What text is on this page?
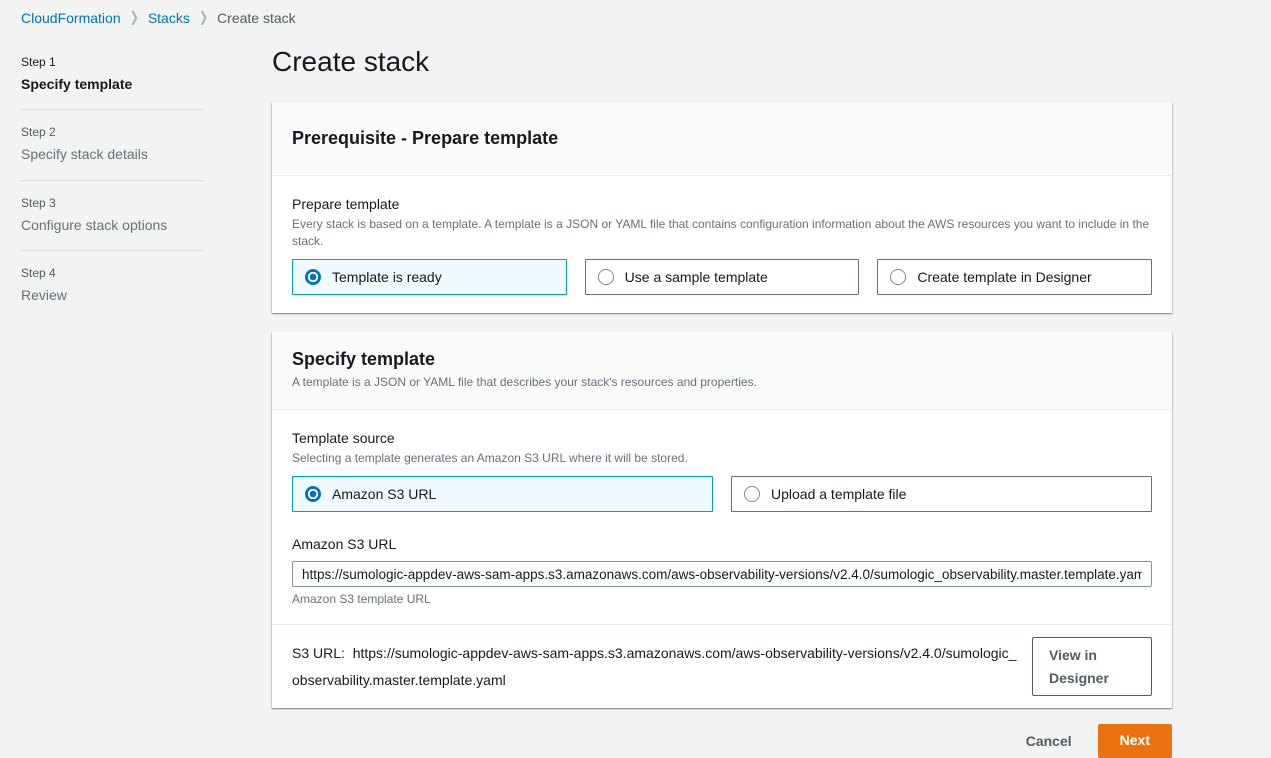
CloudFormation ❯ Stacks ❯ Create stack

Step 1

Specify template

Step 2

Specify stack details

Step 3

Configure stack options

Step 4

Review

Create stack
Prerequisite - Prepare template

Prepare template

Every stack is based on a template. A template is a JSON or YAML file that contains configuration information about the AWS resources you want to include in the stack.

Template is ready	Use a sample template	Create template in Designer
Specify template

A template is a JSON or YAML file that describes your stack's resources and properties.

Template source

Selecting a template generates an Amazon S3 URL where it will be stored.

Amazon S3 URL	Upload a template file

Amazon S3 URL

https://sumologic-appdev-aws-sam-apps.s3.amazonaws.com/aws-observability-versions/v2.4.0/sumologic_observability.master.template.yaml

Amazon S3 template URL

S3 URL: https://sumologic-appdev-aws-sam-apps.s3.amazonaws.com/aws-observability-versions/v2.4.0/sumologic_observability.master.template.yaml

View in Designer
Cancel	Next
